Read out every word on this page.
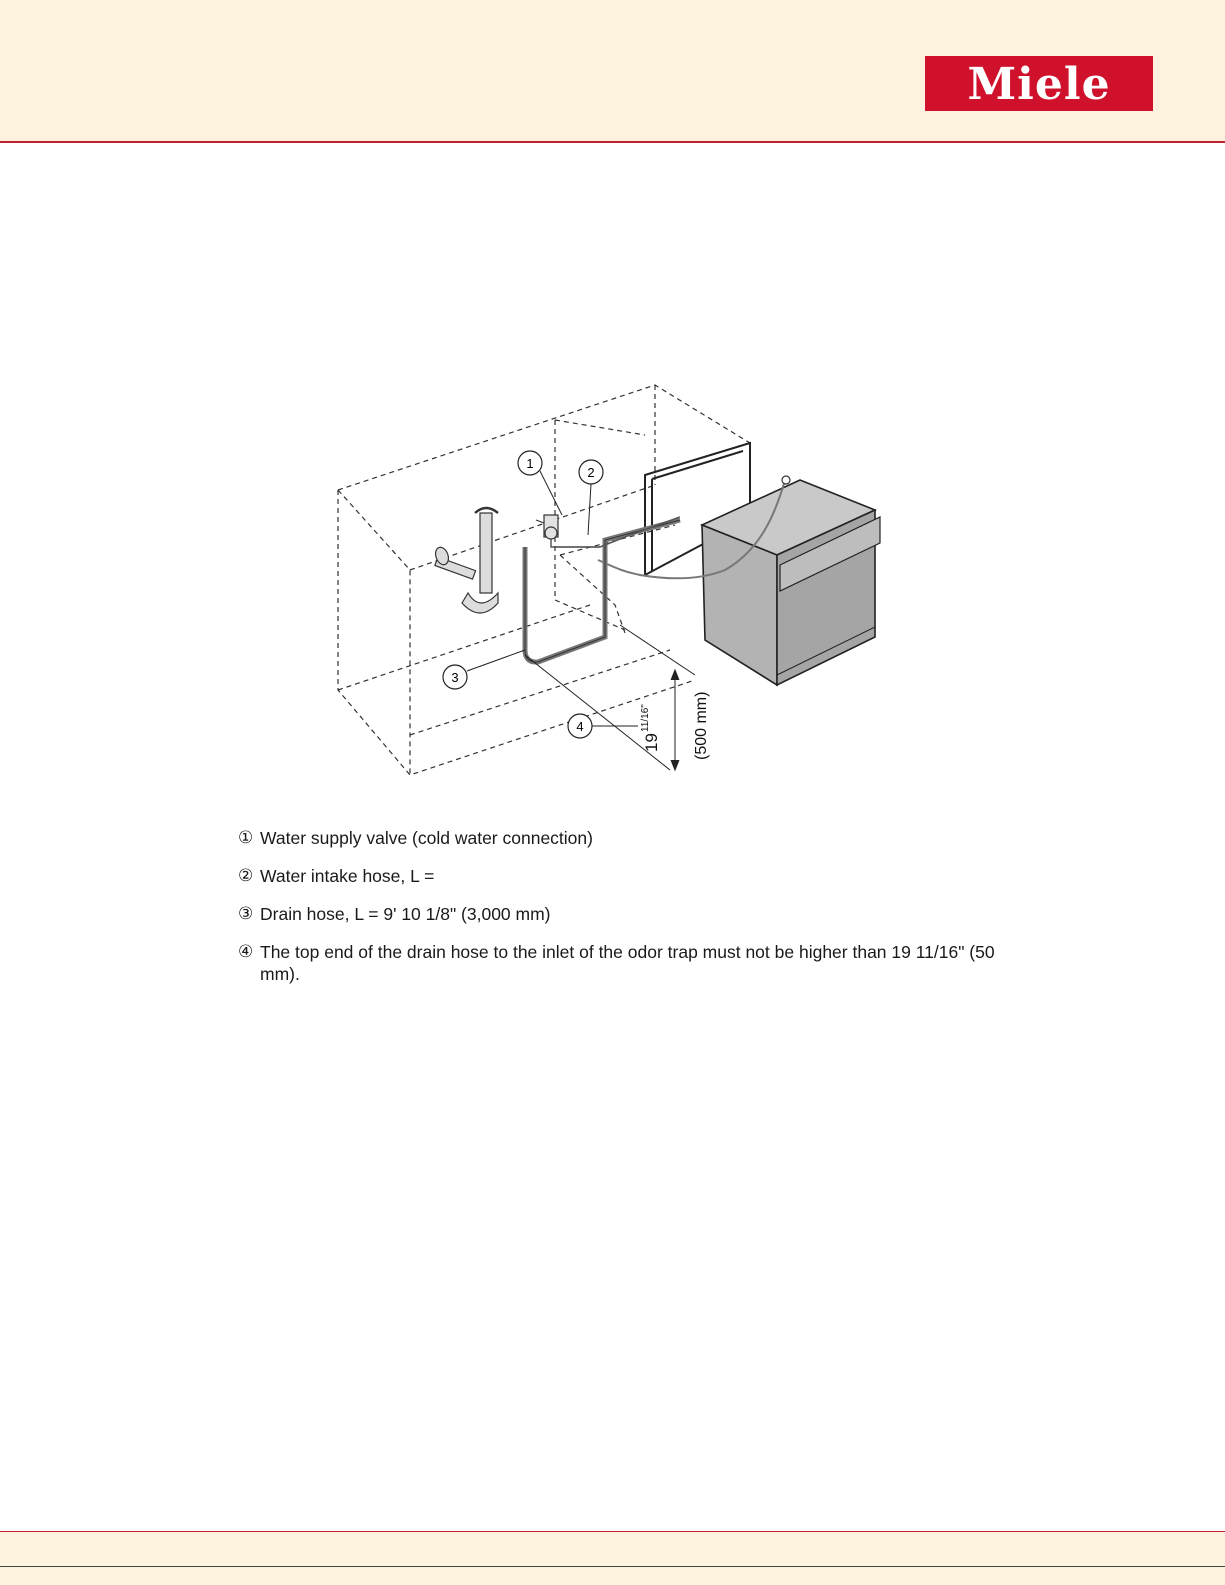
Miele
1
2
3
4
19
11/16"	(500 mm)
① Water supply valve (cold water connection)
② Water intake hose, L =
③ Drain hose, L = 9' 10 1/8" (3,000 mm)
④ The top end of the drain hose to the inlet of the odor trap must not be higher than 19 11/16" (50 mm).
